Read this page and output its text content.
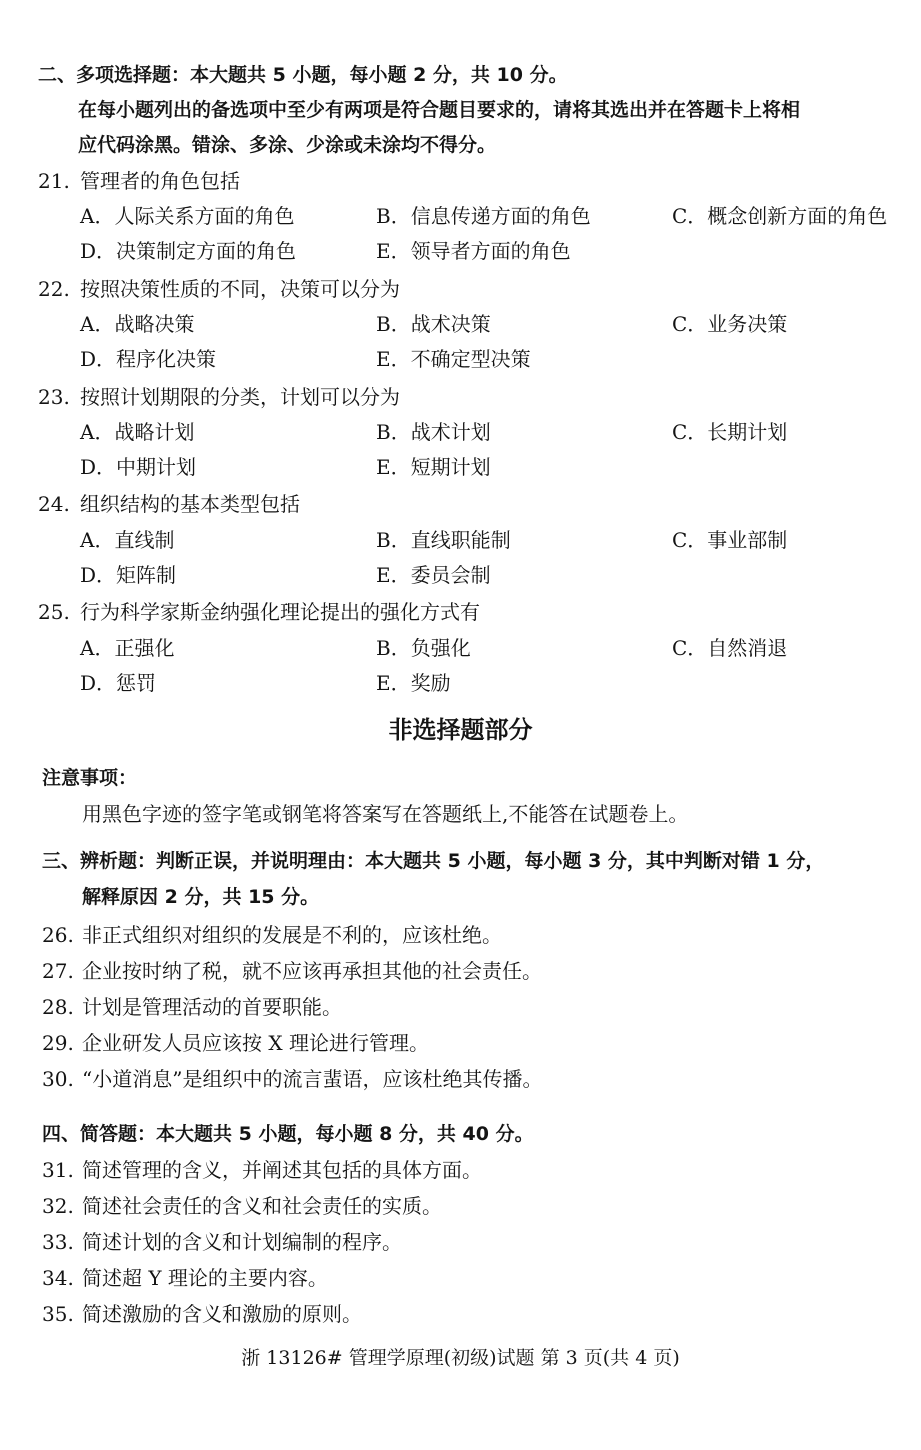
二、多项选择题：本大题共 5 小题，每小题 2 分，共 10 分。
在每小题列出的备选项中至少有两项是符合题目要求的，请将其选出并在答题卡上将相
应代码涂黑。错涂、多涂、少涂或未涂均不得分。
21. 管理者的角色包括
A．人际关系方面的角色	B．信息传递方面的角色	C．概念创新方面的角色
D．决策制定方面的角色	E．领导者方面的角色
22. 按照决策性质的不同，决策可以分为
A．战略决策	B．战术决策	C．业务决策
D．程序化决策	E．不确定型决策
23. 按照计划期限的分类，计划可以分为
A．战略计划	B．战术计划	C．长期计划
D．中期计划	E．短期计划
24. 组织结构的基本类型包括
A．直线制	B．直线职能制	C．事业部制
D．矩阵制	E．委员会制
25. 行为科学家斯金纳强化理论提出的强化方式有
A．正强化	B．负强化	C．自然消退
D．惩罚	E．奖励
非选择题部分
注意事项：
用黑色字迹的签字笔或钢笔将答案写在答题纸上,不能答在试题卷上。
三、辨析题：判断正误，并说明理由：本大题共 5 小题，每小题 3 分，其中判断对错 1 分，
解释原因 2 分，共 15 分。
26. 非正式组织对组织的发展是不利的，应该杜绝。
27. 企业按时纳了税，就不应该再承担其他的社会责任。
28. 计划是管理活动的首要职能。
29. 企业研发人员应该按 X 理论进行管理。
30. “小道消息”是组织中的流言蜚语，应该杜绝其传播。
四、简答题：本大题共 5 小题，每小题 8 分，共 40 分。
31. 简述管理的含义，并阐述其包括的具体方面。
32. 简述社会责任的含义和社会责任的实质。
33. 简述计划的含义和计划编制的程序。
34. 简述超 Y 理论的主要内容。
35. 简述激励的含义和激励的原则。
浙 13126# 管理学原理(初级)试题 第 3 页(共 4 页)
